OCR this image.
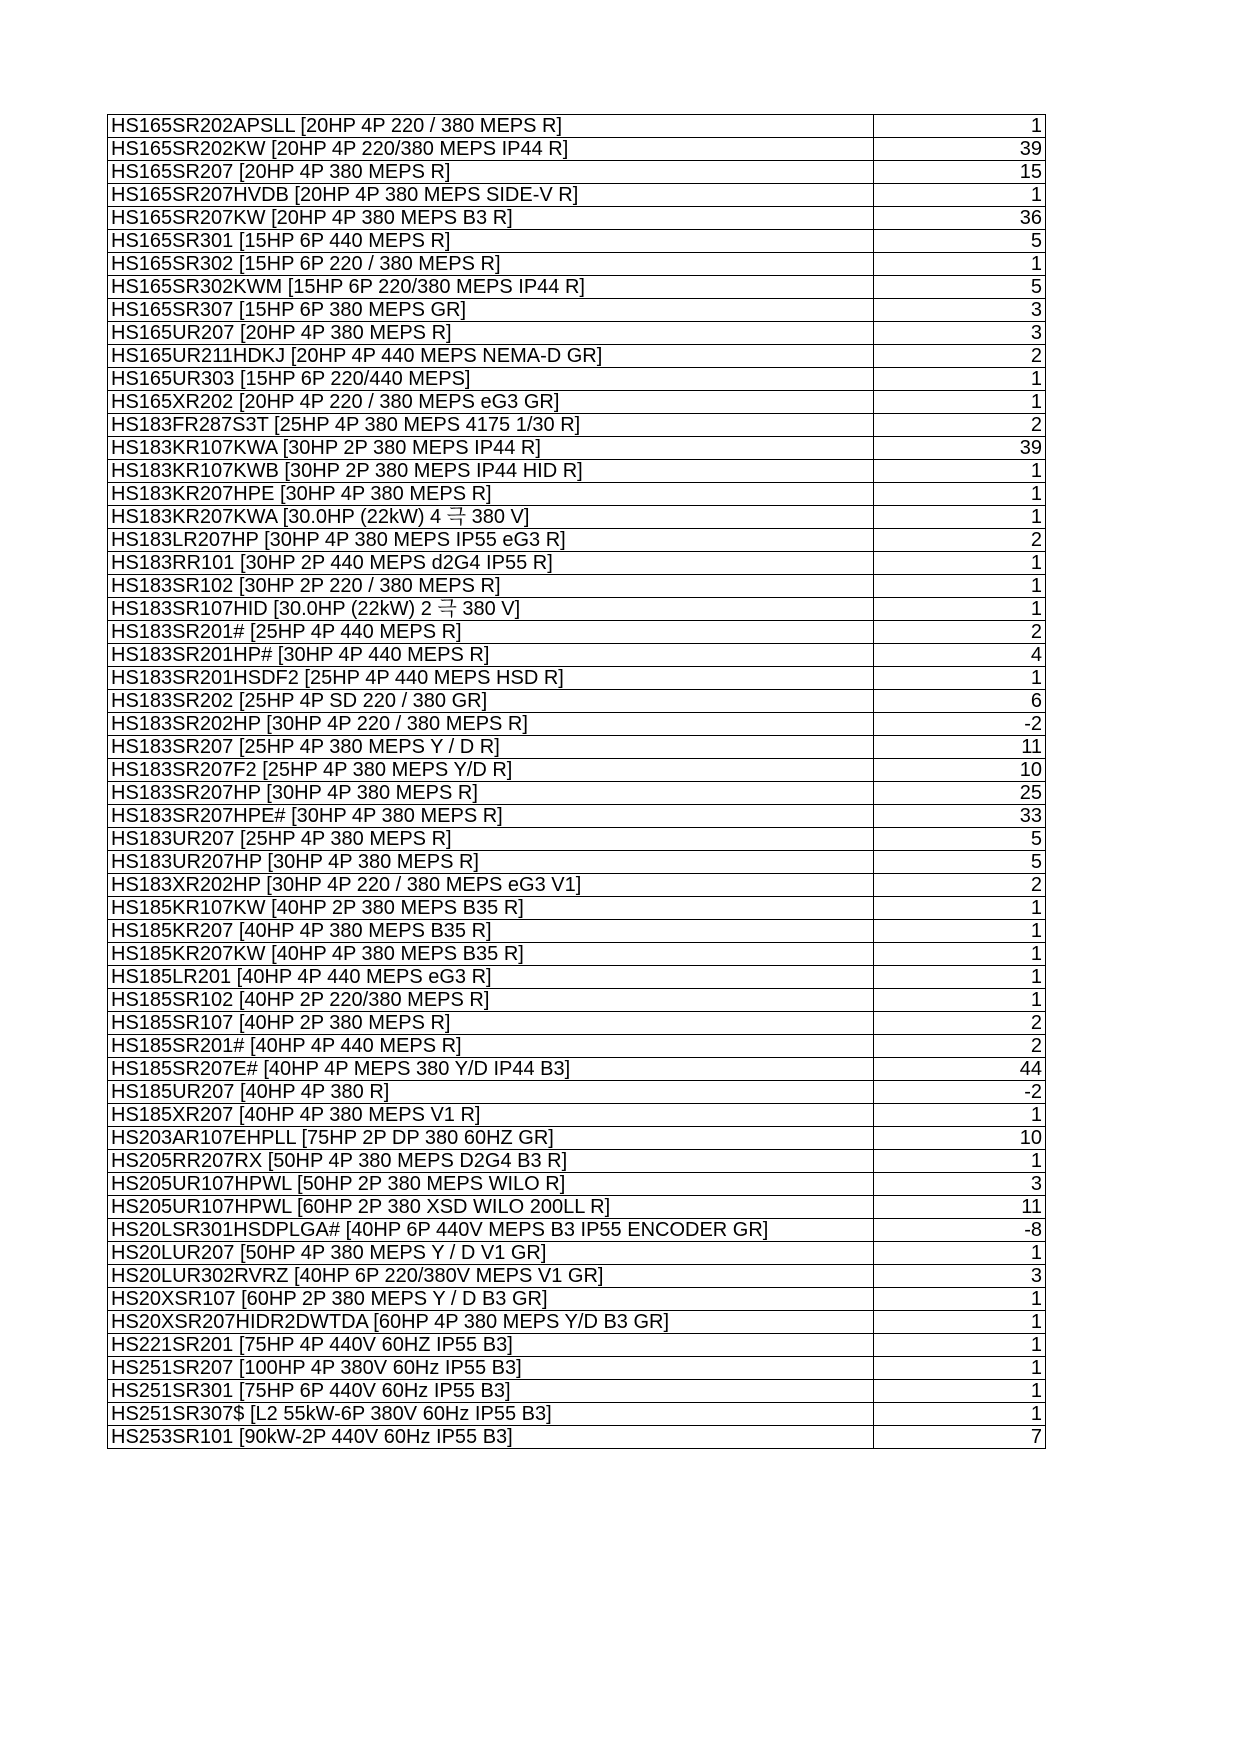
HS165SR202APSLL [20HP 4P 220 / 380 MEPS R]	1
HS165SR202KW [20HP 4P 220/380 MEPS IP44 R]	39
HS165SR207 [20HP 4P 380 MEPS R]	15
HS165SR207HVDB [20HP 4P 380 MEPS SIDE-V R]	1
HS165SR207KW [20HP 4P 380 MEPS B3 R]	36
HS165SR301 [15HP 6P 440 MEPS R]	5
HS165SR302 [15HP 6P 220 / 380 MEPS R]	1
HS165SR302KWM [15HP 6P 220/380 MEPS IP44 R]	5
HS165SR307 [15HP 6P 380 MEPS GR]	3
HS165UR207 [20HP 4P 380 MEPS R]	3
HS165UR211HDKJ [20HP 4P 440 MEPS NEMA-D GR]	2
HS165UR303 [15HP 6P 220/440 MEPS]	1
HS165XR202 [20HP 4P 220 / 380 MEPS eG3 GR]	1
HS183FR287S3T [25HP 4P 380 MEPS 4175 1/30 R]	2
HS183KR107KWA [30HP 2P 380 MEPS IP44 R]	39
HS183KR107KWB [30HP 2P 380 MEPS IP44 HID R]	1
HS183KR207HPE [30HP 4P 380 MEPS R]	1
HS183KR207KWA [30.0HP (22kW) 4 극 380 V]	1
HS183LR207HP [30HP 4P 380 MEPS IP55 eG3 R]	2
HS183RR101 [30HP 2P 440 MEPS d2G4 IP55 R]	1
HS183SR102 [30HP 2P 220 / 380 MEPS R]	1
HS183SR107HID [30.0HP (22kW) 2 극 380 V]	1
HS183SR201# [25HP 4P 440 MEPS R]	2
HS183SR201HP# [30HP 4P 440 MEPS R]	4
HS183SR201HSDF2 [25HP 4P 440 MEPS HSD R]	1
HS183SR202 [25HP 4P SD 220 / 380 GR]	6
HS183SR202HP [30HP 4P 220 / 380 MEPS R]	-2
HS183SR207 [25HP 4P 380 MEPS Y / D R]	11
HS183SR207F2 [25HP 4P 380 MEPS Y/D R]	10
HS183SR207HP [30HP 4P 380 MEPS R]	25
HS183SR207HPE# [30HP 4P 380 MEPS R]	33
HS183UR207 [25HP 4P 380 MEPS R]	5
HS183UR207HP [30HP 4P 380 MEPS R]	5
HS183XR202HP [30HP 4P 220 / 380 MEPS eG3 V1]	2
HS185KR107KW [40HP 2P 380 MEPS B35 R]	1
HS185KR207 [40HP 4P 380 MEPS B35 R]	1
HS185KR207KW [40HP 4P 380 MEPS B35 R]	1
HS185LR201 [40HP 4P 440 MEPS eG3 R]	1
HS185SR102 [40HP 2P 220/380 MEPS R]	1
HS185SR107 [40HP 2P 380 MEPS R]	2
HS185SR201# [40HP 4P 440 MEPS R]	2
HS185SR207E# [40HP 4P MEPS 380 Y/D IP44 B3]	44
HS185UR207 [40HP 4P 380 R]	-2
HS185XR207 [40HP 4P 380 MEPS V1 R]	1
HS203AR107EHPLL [75HP 2P DP 380 60HZ GR]	10
HS205RR207RX [50HP 4P 380 MEPS D2G4 B3 R]	1
HS205UR107HPWL [50HP 2P 380 MEPS WILO R]	3
HS205UR107HPWL [60HP 2P 380 XSD WILO 200LL R]	11
HS20LSR301HSDPLGA# [40HP 6P 440V MEPS B3 IP55 ENCODER GR]	-8
HS20LUR207 [50HP 4P 380 MEPS Y / D V1 GR]	1
HS20LUR302RVRZ [40HP 6P 220/380V MEPS V1 GR]	3
HS20XSR107 [60HP 2P 380 MEPS Y / D B3 GR]	1
HS20XSR207HIDR2DWTDA [60HP 4P 380 MEPS Y/D B3 GR]	1
HS221SR201 [75HP 4P 440V 60HZ IP55 B3]	1
HS251SR207 [100HP 4P 380V 60Hz IP55 B3]	1
HS251SR301 [75HP 6P 440V 60Hz IP55 B3]	1
HS251SR307$ [L2 55kW-6P 380V 60Hz IP55 B3]	1
HS253SR101 [90kW-2P 440V 60Hz IP55 B3]	7
